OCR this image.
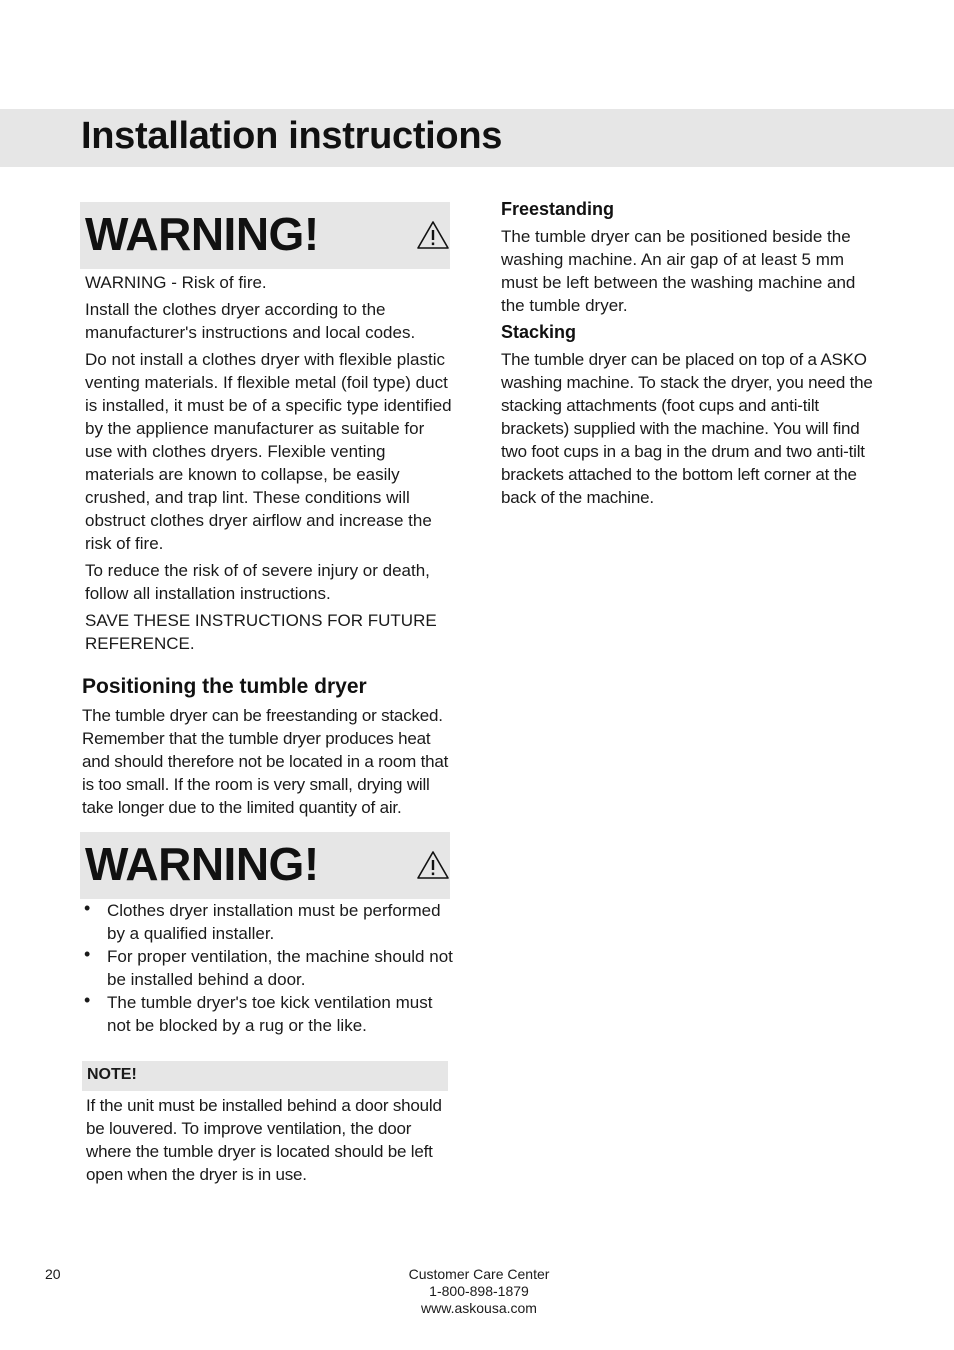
Installation instructions
WARNING!

WARNING - Risk of fire.

Install the clothes dryer according to the manufacturer's instructions and local codes.

Do not install a clothes dryer with flexible plastic venting materials. If flexible metal (foil type) duct is installed, it must be of a specific type identified by the applience manufacturer as suitable for use with clothes dryers. Flexible venting materials are known to collapse, be easily crushed, and trap lint. These conditions will obstruct clothes dryer airflow and increase the risk of fire.

To reduce the risk of of severe injury or death, follow all installation instructions.

SAVE THESE INSTRUCTIONS FOR FUTURE REFERENCE.

Positioning the tumble dryer

The tumble dryer can be freestanding or stacked. Remember that the tumble dryer produces heat and should therefore not be located in a room that is too small. If the room is very small, drying will take longer due to the limited quantity of air.

WARNING!
• Clothes dryer installation must be performed by a qualified installer.
• For proper ventilation, the machine should not be installed behind a door.
• The tumble dryer's toe kick ventilation must not be blocked by a rug or the like.
NOTE!

If the unit must be installed behind a door should be louvered. To improve ventilation, the door where the tumble dryer is located should be left open when the dryer is in use.

Freestanding

The tumble dryer can be positioned beside the washing machine. An air gap of at least 5 mm must be left between the washing machine and the tumble dryer.

Stacking

The tumble dryer can be placed on top of a ASKO washing machine. To stack the dryer, you need the stacking attachments (foot cups and anti-tilt brackets) supplied with the machine. You will find two foot cups in a bag in the drum and two anti-tilt brackets attached to the bottom left corner at the back of the machine.

20	Customer Care Center
1-800-898-1879
www.askousa.com
